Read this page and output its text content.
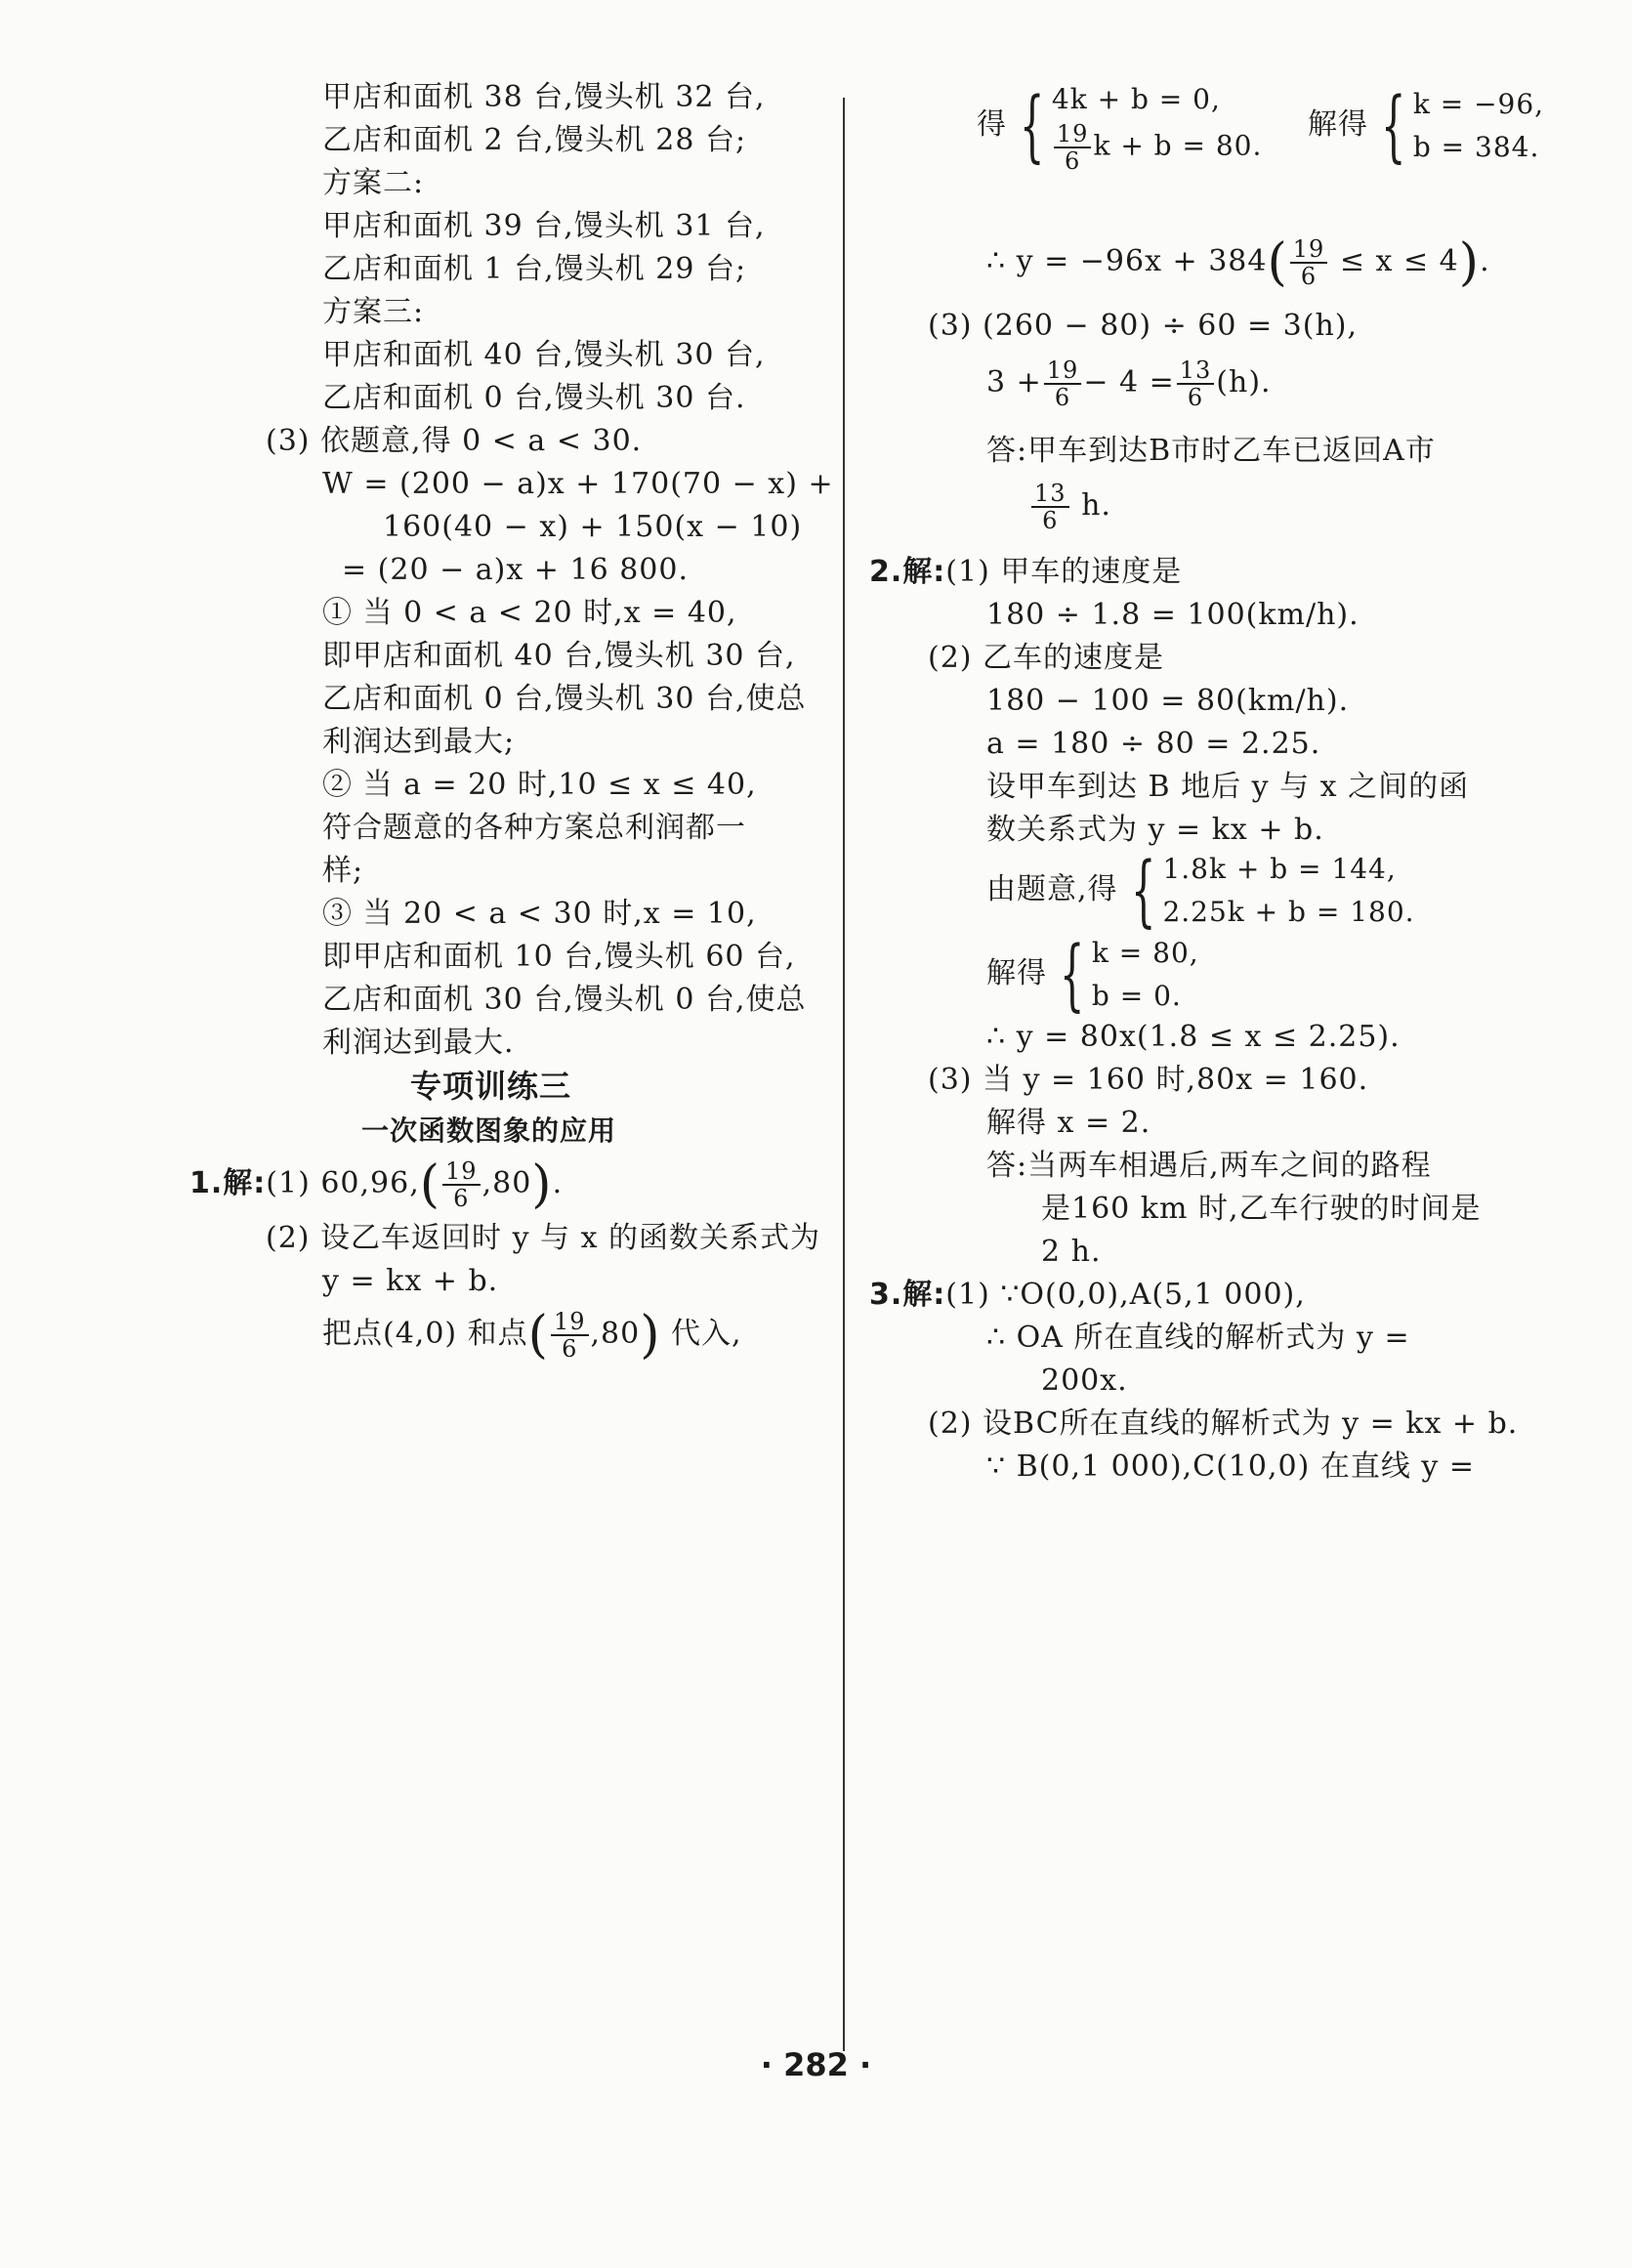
甲店和面机 38 台,馒头机 32 台,
乙店和面机 2 台,馒头机 28 台;
方案二:
甲店和面机 39 台,馒头机 31 台,
乙店和面机 1 台,馒头机 29 台;
方案三:
甲店和面机 40 台,馒头机 30 台,
乙店和面机 0 台,馒头机 30 台.
(3) 依题意,得 0 < a < 30.
W = (200 − a)x + 170(70 − x) +
160(40 − x) + 150(x − 10)
= (20 − a)x + 16 800.
① 当 0 < a < 20 时,x = 40,
即甲店和面机 40 台,馒头机 30 台,
乙店和面机 0 台,馒头机 30 台,使总
利润达到最大;
② 当 a = 20 时,10 ≤ x ≤ 40,
符合题意的各种方案总利润都一
样;
③ 当 20 < a < 30 时,x = 10,
即甲店和面机 10 台,馒头机 60 台,
乙店和面机 30 台,馒头机 0 台,使总
利润达到最大.
专项训练三
一次函数图象的应用
1.解:(1) $60,96,( \frac{19}{6} ,80)$.
(2) 设乙车返回时 y 与 x 的函数关系式为
y = kx + b.
把点(4,0) 和点( $\frac{19}{6} ,80$) 代入,
得 { 4k + b = 0,
$\frac{19}{6}$ k + b = 80.
解得 { k = −96,
b = 384.
∴ $y = -96x + 384( \frac{19}{6} \le x \le 4)$.
(3) (260 − 80) ÷ 60 = 3(h),
$3 + \frac{19}{6} - 4 = \frac{13}{6} (h)$.
答:甲车到达B市时乙车已返回A市
$\frac{13}{6} h$.
2.解:(1) 甲车的速度是
180 ÷ 1.8 = 100(km/h).
(2) 乙车的速度是
180 − 100 = 80(km/h).
a = 180 ÷ 80 = 2.25.
设甲车到达 B 地后 y 与 x 之间的函
数关系式为 y = kx + b.
由题意,得 { 1.8k + b = 144,
2.25k + b = 180.
解得 { k = 80,
b = 0.
∴ y = 80x(1.8 ≤ x ≤ 2.25).
(3) 当 y = 160 时,80x = 160.
解得 x = 2.
答:当两车相遇后,两车之间的路程
是160 km 时,乙车行驶的时间是
2 h.
3.解:(1) ∵O(0,0),A(5,1 000),
∴ OA 所在直线的解析式为 y =
200x.
(2) 设BC所在直线的解析式为 y = kx + b.
∵ B(0,1 000),C(10,0) 在直线 y =
· 282 ·
